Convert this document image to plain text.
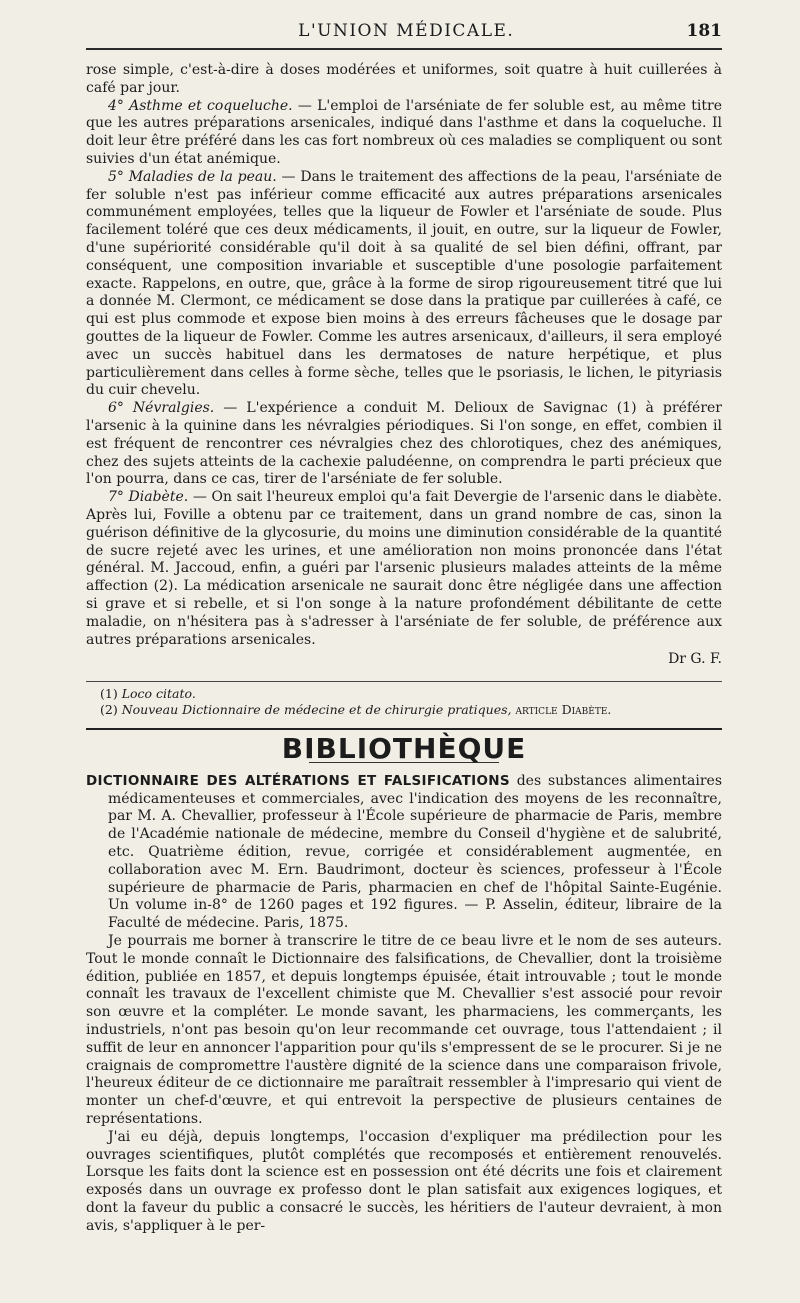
L'UNION MÉDICALE.	181

rose simple, c'est-à-dire à doses modérées et uniformes, soit quatre à huit cuillerées à café par jour.

4° Asthme et coqueluche. — L'emploi de l'arséniate de fer soluble est, au même titre que les autres préparations arsenicales, indiqué dans l'asthme et dans la coqueluche. Il doit leur être préféré dans les cas fort nombreux où ces maladies se compliquent ou sont suivies d'un état anémique.

5° Maladies de la peau. — Dans le traitement des affections de la peau, l'arséniate de fer soluble n'est pas inférieur comme efficacité aux autres préparations arsenicales communément employées, telles que la liqueur de Fowler et l'arséniate de soude. Plus facilement toléré que ces deux médicaments, il jouit, en outre, sur la liqueur de Fowler, d'une supériorité considérable qu'il doit à sa qualité de sel bien défini, offrant, par conséquent, une composition invariable et susceptible d'une posologie parfaitement exacte. Rappelons, en outre, que, grâce à la forme de sirop rigoureusement titré que lui a donnée M. Clermont, ce médicament se dose dans la pratique par cuillerées à café, ce qui est plus commode et expose bien moins à des erreurs fâcheuses que le dosage par gouttes de la liqueur de Fowler. Comme les autres arsenicaux, d'ailleurs, il sera employé avec un succès habituel dans les dermatoses de nature herpétique, et plus particulièrement dans celles à forme sèche, telles que le psoriasis, le lichen, le pityriasis du cuir chevelu.

6° Névralgies. — L'expérience a conduit M. Delioux de Savignac (1) à préférer l'arsenic à la quinine dans les névralgies périodiques. Si l'on songe, en effet, combien il est fréquent de rencontrer ces névralgies chez des chlorotiques, chez des anémiques, chez des sujets atteints de la cachexie paludéenne, on comprendra le parti précieux que l'on pourra, dans ce cas, tirer de l'arséniate de fer soluble.

7° Diabète. — On sait l'heureux emploi qu'a fait Devergie de l'arsenic dans le diabète. Après lui, Foville a obtenu par ce traitement, dans un grand nombre de cas, sinon la guérison définitive de la glycosurie, du moins une diminution considérable de la quantité de sucre rejeté avec les urines, et une amélioration non moins prononcée dans l'état général. M. Jaccoud, enfin, a guéri par l'arsenic plusieurs malades atteints de la même affection (2). La médication arsenicale ne saurait donc être négligée dans une affection si grave et si rebelle, et si l'on songe à la nature profondément débilitante de cette maladie, on n'hésitera pas à s'adresser à l'arséniate de fer soluble, de préférence aux autres préparations arsenicales.

Dr G. F.

(1) Loco citato.

(2) Nouveau Dictionnaire de médecine et de chirurgie pratiques, article Diabète.

BIBLIOTHÈQUE

DICTIONNAIRE DES ALTÉRATIONS ET FALSIFICATIONS des substances alimentaires médicamenteuses et commerciales, avec l'indication des moyens de les reconnaître, par M. A. Chevallier, professeur à l'École supérieure de pharmacie de Paris, membre de l'Académie nationale de médecine, membre du Conseil d'hygiène et de salubrité, etc. Quatrième édition, revue, corrigée et considérablement augmentée, en collaboration avec M. Ern. Baudrimont, docteur ès sciences, professeur à l'École supérieure de pharmacie de Paris, pharmacien en chef de l'hôpital Sainte-Eugénie. Un volume in-8° de 1260 pages et 192 figures. — P. Asselin, éditeur, libraire de la Faculté de médecine. Paris, 1875.

Je pourrais me borner à transcrire le titre de ce beau livre et le nom de ses auteurs. Tout le monde connaît le Dictionnaire des falsifications, de Chevallier, dont la troisième édition, publiée en 1857, et depuis longtemps épuisée, était introuvable ; tout le monde connaît les travaux de l'excellent chimiste que M. Chevallier s'est associé pour revoir son œuvre et la compléter. Le monde savant, les pharmaciens, les commerçants, les industriels, n'ont pas besoin qu'on leur recommande cet ouvrage, tous l'attendaient ; il suffit de leur en annoncer l'apparition pour qu'ils s'empressent de se le procurer. Si je ne craignais de compromettre l'austère dignité de la science dans une comparaison frivole, l'heureux éditeur de ce dictionnaire me paraîtrait ressembler à l'impresario qui vient de monter un chef-d'œuvre, et qui entrevoit la perspective de plusieurs centaines de représentations.

J'ai eu déjà, depuis longtemps, l'occasion d'expliquer ma prédilection pour les ouvrages scientifiques, plutôt complétés que recomposés et entièrement renouvelés. Lorsque les faits dont la science est en possession ont été décrits une fois et clairement exposés dans un ouvrage ex professo dont le plan satisfait aux exigences logiques, et dont la faveur du public a consacré le succès, les héritiers de l'auteur devraient, à mon avis, s'appliquer à le per-
